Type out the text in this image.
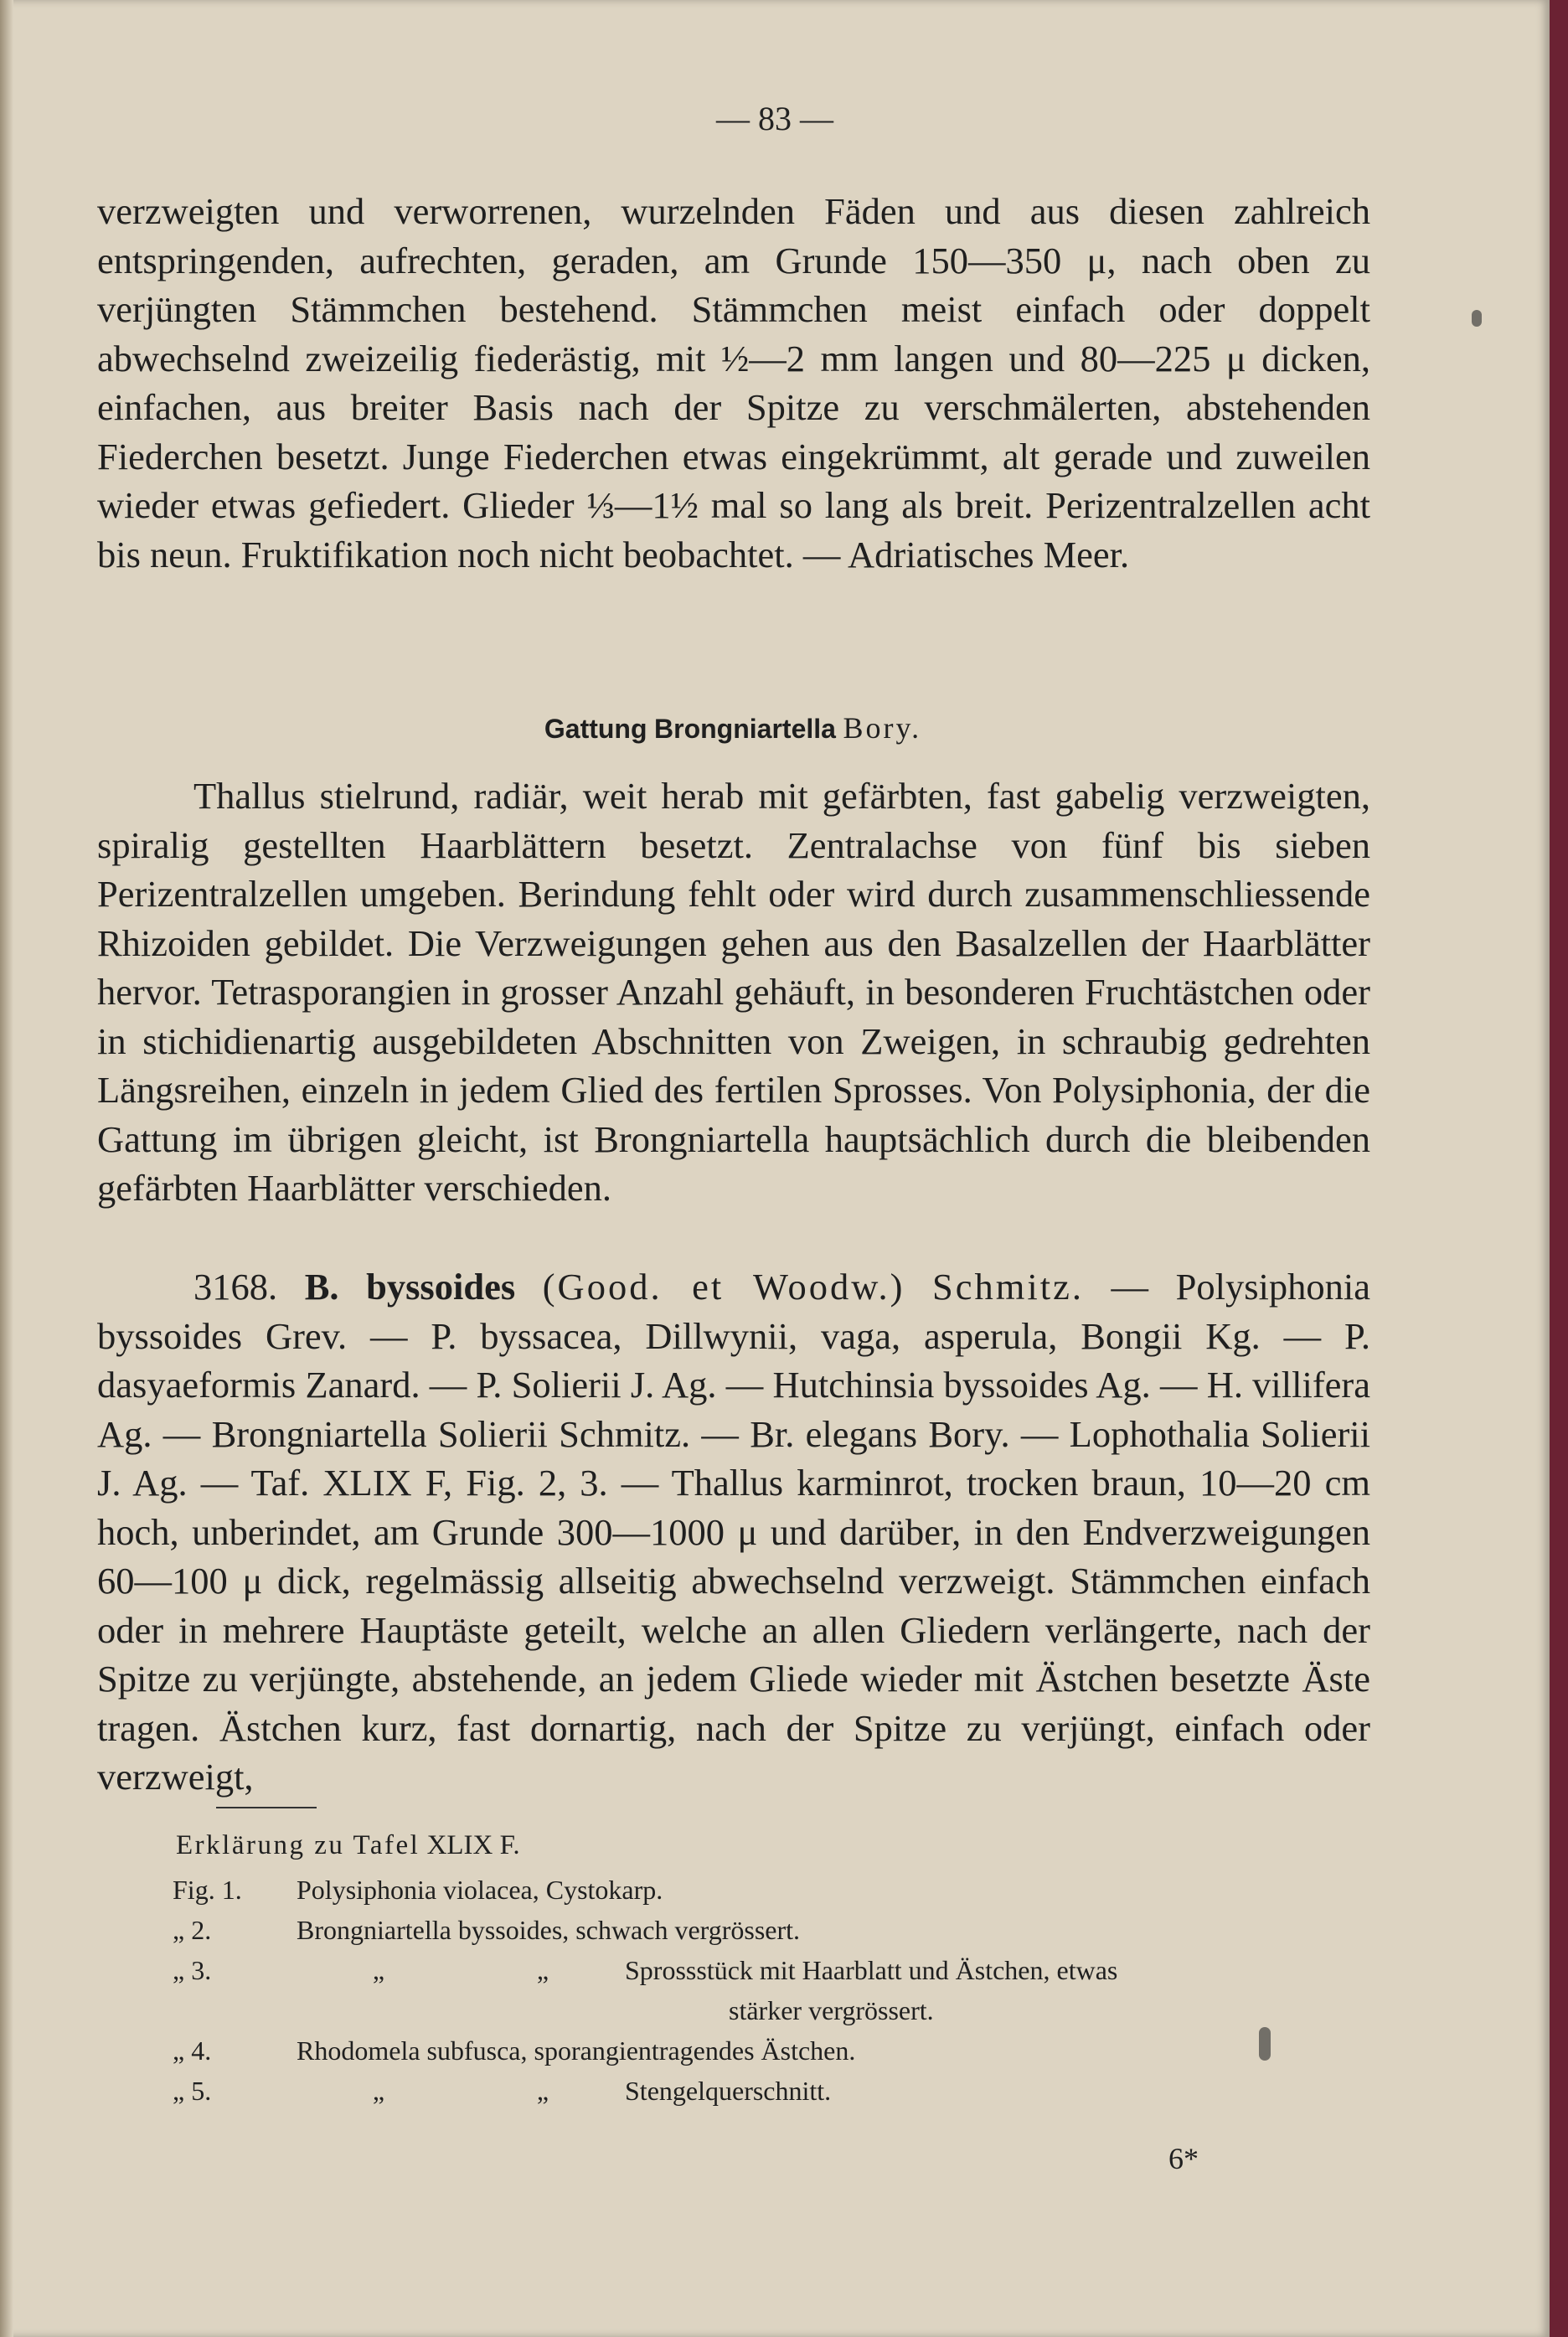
— 83 —
verzweigten und verworrenen, wurzelnden Fäden und aus diesen zahlreich entspringenden, aufrechten, geraden, am Grunde 150—350 μ, nach oben zu verjüngten Stämmchen bestehend. Stämmchen meist einfach oder doppelt abwechselnd zweizeilig fiederästig, mit ½—2 mm langen und 80—225 μ dicken, einfachen, aus breiter Basis nach der Spitze zu verschmälerten, abstehenden Fiederchen besetzt. Junge Fiederchen etwas eingekrümmt, alt gerade und zuweilen wieder etwas gefiedert. Glieder ⅓—1½ mal so lang als breit. Perizentralzellen acht bis neun. Fruktifikation noch nicht beobachtet. — Adriatisches Meer.
Gattung Brongniartella Bory.
Thallus stielrund, radiär, weit herab mit gefärbten, fast gabelig verzweigten, spiralig gestellten Haarblättern besetzt. Zentralachse von fünf bis sieben Perizentralzellen umgeben. Berindung fehlt oder wird durch zusammenschliessende Rhizoiden gebildet. Die Verzweigungen gehen aus den Basalzellen der Haarblätter hervor. Tetrasporangien in grosser Anzahl gehäuft, in besonderen Fruchtästchen oder in stichidienartig ausgebildeten Abschnitten von Zweigen, in schraubig gedrehten Längsreihen, einzeln in jedem Glied des fertilen Sprosses. Von Polysiphonia, der die Gattung im übrigen gleicht, ist Brongniartella hauptsächlich durch die bleibenden gefärbten Haarblätter verschieden.
3168. B. byssoides (Good. et Woodw.) Schmitz. — Polysiphonia byssoides Grev. — P. byssacea, Dillwynii, vaga, asperula, Bongii Kg. — P. dasyaeformis Zanard. — P. Solierii J. Ag. — Hutchinsia byssoides Ag. — H. villifera Ag. — Brongniartella Solierii Schmitz. — Br. elegans Bory. — Lophothalia Solierii J. Ag. — Taf. XLIX F, Fig. 2, 3. — Thallus karminrot, trocken braun, 10—20 cm hoch, unberindet, am Grunde 300—1000 μ und darüber, in den Endverzweigungen 60—100 μ dick, regelmässig allseitig abwechselnd verzweigt. Stämmchen einfach oder in mehrere Hauptäste geteilt, welche an allen Gliedern verlängerte, nach der Spitze zu verjüngte, abstehende, an jedem Gliede wieder mit Ästchen besetzte Äste tragen. Ästchen kurz, fast dornartig, nach der Spitze zu verjüngt, einfach oder verzweigt,
Erklärung zu Tafel XLIX F.
Fig. 1.	Polysiphonia violacea, Cystokarp.
„ 2.	Brongniartella byssoides, schwach vergrössert.
„ 3.	„	„	Sprossstück mit Haarblatt und Ästchen, etwas
stärker vergrössert.
„ 4.	Rhodomela subfusca, sporangientragendes Ästchen.
„ 5.	„	„	Stengelquerschnitt.
6*
